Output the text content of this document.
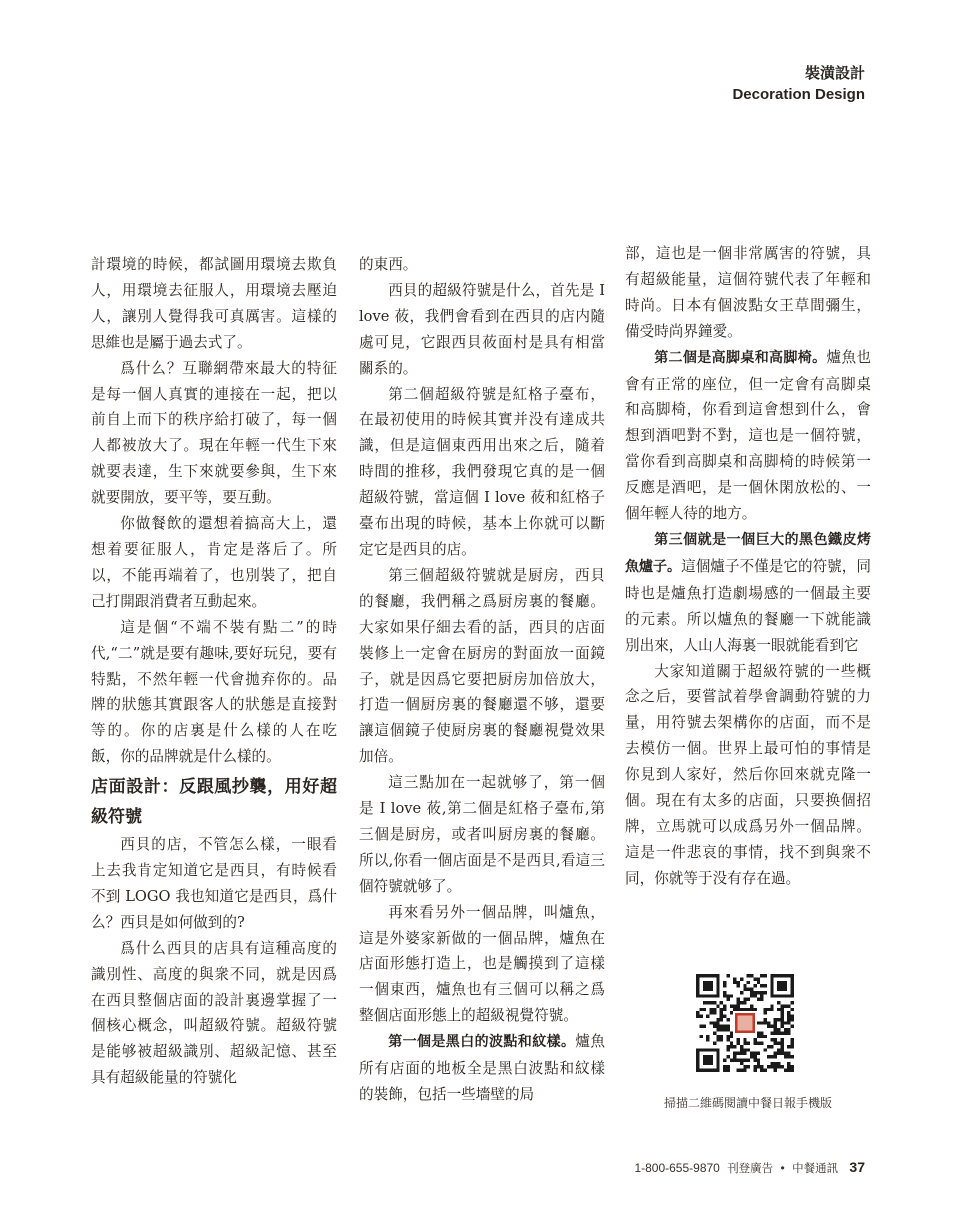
裝潢設計
Decoration Design

計環境的時候，都試圖用環境去欺負人，用環境去征服人，用環境去壓迫人，讓別人覺得我可真厲害。這樣的思維也是屬于過去式了。

爲什么？互聯網帶來最大的特征是每一個人真實的連接在一起，把以前自上而下的秩序給打破了，每一個人都被放大了。現在年輕一代生下來就要表達，生下來就要參與，生下來就要開放，要平等，要互動。

你做餐飲的還想着搞高大上，還想着要征服人，肯定是落后了。所以，不能再端着了，也別裝了，把自己打開跟消費者互動起來。

這是個“不端不裝有點二”的時代,“二”就是要有趣味,要好玩兒，要有特點，不然年輕一代會拋弃你的。品牌的狀態其實跟客人的狀態是直接對等的。你的店裏是什么樣的人在吃飯，你的品牌就是什么樣的。

店面設計：反跟風抄襲，用好超級符號

西貝的店，不管怎么樣，一眼看上去我肯定知道它是西貝，有時候看不到 LOGO 我也知道它是西貝，爲什么？西貝是如何做到的?

爲什么西貝的店具有這種高度的識別性、高度的與衆不同，就是因爲在西貝整個店面的設計裏邊掌握了一個核心概念，叫超級符號。超級符號是能够被超級識別、超級記憶、甚至具有超級能量的符號化

的東西。

西貝的超級符號是什么，首先是 I love 莜，我們會看到在西貝的店内隨處可見，它跟西貝莜面村是具有相當關系的。

第二個超級符號是紅格子臺布，在最初使用的時候其實并没有達成共識，但是這個東西用出來之后，隨着時間的推移，我們發現它真的是一個超級符號，當這個 I love 莜和紅格子臺布出現的時候，基本上你就可以斷定它是西貝的店。

第三個超級符號就是厨房，西貝的餐廳，我們稱之爲厨房裏的餐廳。大家如果仔細去看的話，西貝的店面裝修上一定會在厨房的對面放一面鏡子，就是因爲它要把厨房加倍放大，打造一個厨房裏的餐廳還不够，還要讓這個鏡子使厨房裏的餐廳視覺效果加倍。

這三點加在一起就够了，第一個是 I love 莜,第二個是紅格子臺布,第三個是厨房，或者叫厨房裏的餐廳。所以,你看一個店面是不是西貝,看這三個符號就够了。

再來看另外一個品牌，叫爐魚，這是外婆家新做的一個品牌，爐魚在店面形態打造上，也是觸摸到了這樣一個東西，爐魚也有三個可以稱之爲整個店面形態上的超級視覺符號。

第一個是黑白的波點和紋樣。爐魚所有店面的地板全是黑白波點和紋樣的裝飾，包括一些墻壁的局

部，這也是一個非常厲害的符號，具有超級能量，這個符號代表了年輕和時尚。日本有個波點女王草間彌生，備受時尚界鐘愛。

第二個是高脚桌和高脚椅。爐魚也會有正常的座位，但一定會有高脚桌和高脚椅，你看到這會想到什么，會想到酒吧對不對，這也是一個符號，當你看到高脚桌和高脚椅的時候第一反應是酒吧，是一個休閑放松的、一個年輕人待的地方。

第三個就是一個巨大的黑色鐵皮烤魚爐子。這個爐子不僅是它的符號，同時也是爐魚打造劇場感的一個最主要的元素。所以爐魚的餐廳一下就能識別出來，人山人海裏一眼就能看到它

大家知道關于超級符號的一些概念之后，要嘗試着學會調動符號的力量，用符號去架構你的店面，而不是去模仿一個。世界上最可怕的事情是你見到人家好，然后你回來就克隆一個。現在有太多的店面，只要换個招牌，立馬就可以成爲另外一個品牌。這是一件悲哀的事情，找不到與衆不同，你就等于没有存在過。

掃描二維碼閱讀中餐日報手機版
1-800-655-9870 刊登廣告 • 中餐通訊 37
